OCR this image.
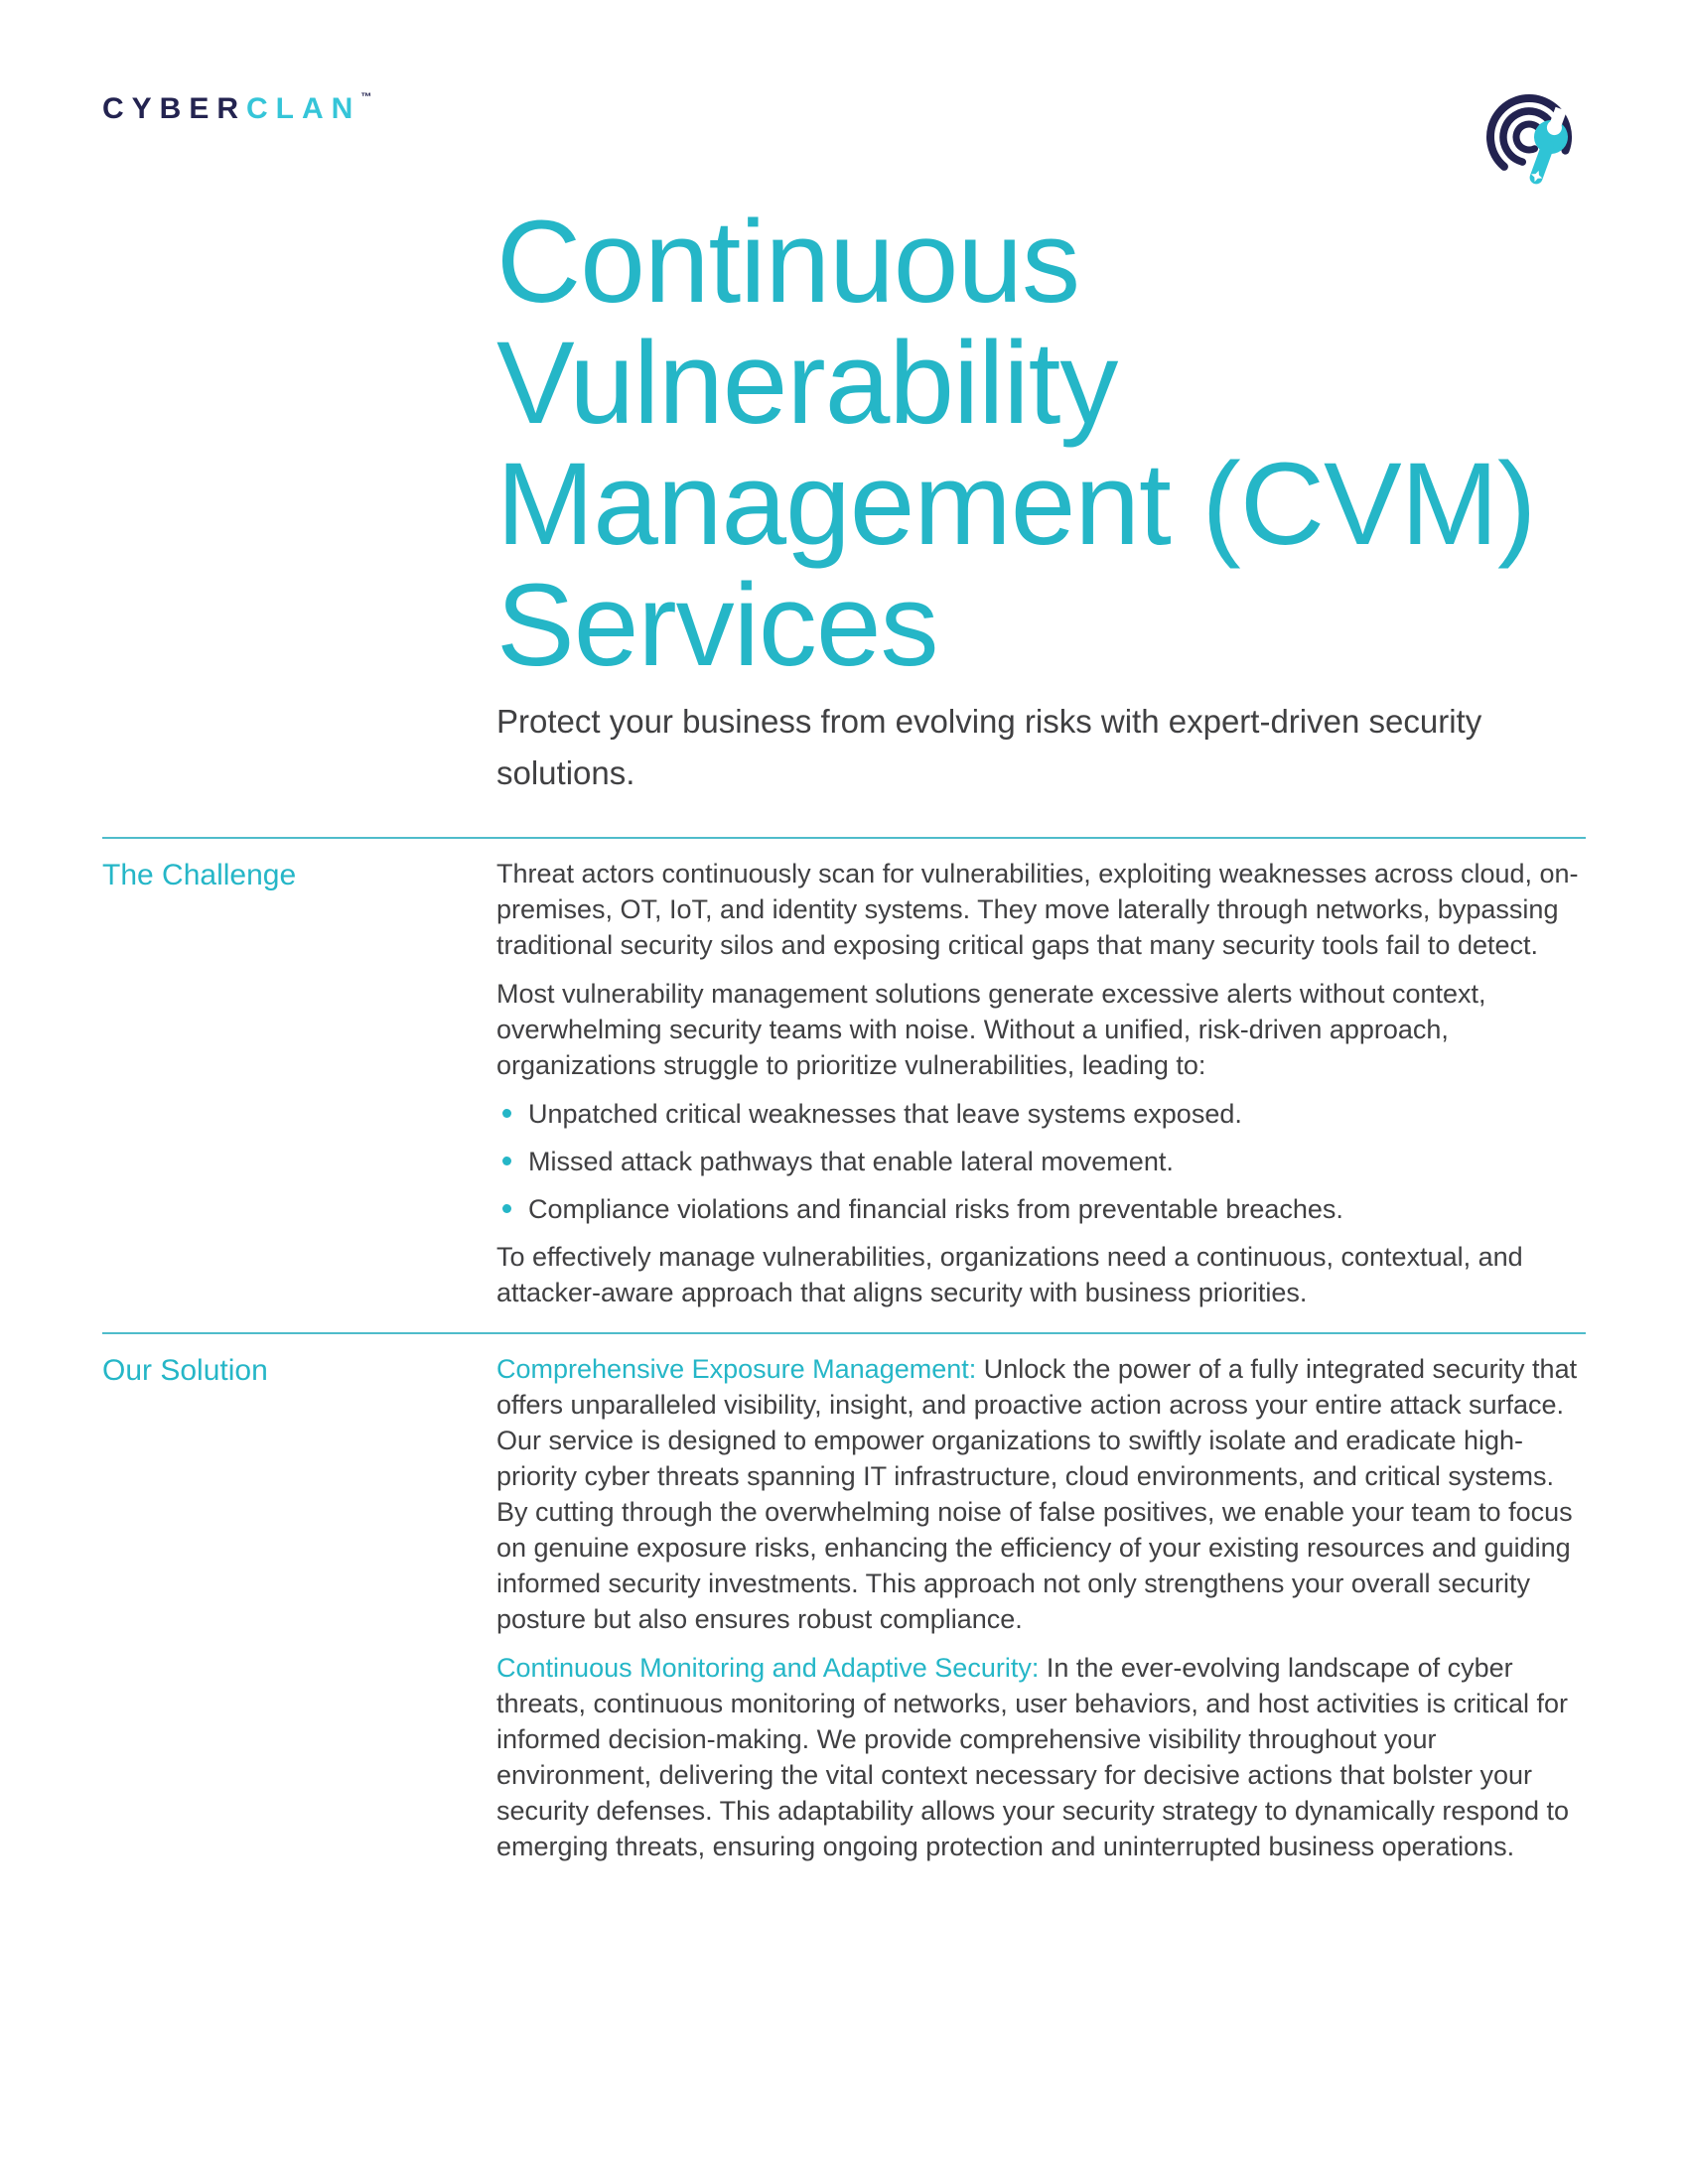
CYBERCLAN™
Continuous
Vulnerability
Management (CVM)
Services
Protect your business from evolving risks with expert-driven security solutions.
The Challenge	Threat actors continuously scan for vulnerabilities, exploiting weaknesses across cloud, on-premises, OT, IoT, and identity systems. They move laterally through networks, bypassing traditional security silos and exposing critical gaps that many security tools fail to detect.

Most vulnerability management solutions generate excessive alerts without context, overwhelming security teams with noise. Without a unified, risk-driven approach, organizations struggle to prioritize vulnerabilities, leading to:

Unpatched critical weaknesses that leave systems exposed.
Missed attack pathways that enable lateral movement.
Compliance violations and financial risks from preventable breaches.

To effectively manage vulnerabilities, organizations need a continuous, contextual, and attacker-aware approach that aligns security with business priorities.

Our Solution	Comprehensive Exposure Management: Unlock the power of a fully integrated security that offers unparalleled visibility, insight, and proactive action across your entire attack surface. Our service is designed to empower organizations to swiftly isolate and eradicate high-priority cyber threats spanning IT infrastructure, cloud environments, and critical systems. By cutting through the overwhelming noise of false positives, we enable your team to focus on genuine exposure risks, enhancing the efficiency of your existing resources and guiding informed security investments. This approach not only strengthens your overall security posture but also ensures robust compliance.

Continuous Monitoring and Adaptive Security: In the ever-evolving landscape of cyber threats, continuous monitoring of networks, user behaviors, and host activities is critical for informed decision-making. We provide comprehensive visibility throughout your environment, delivering the vital context necessary for decisive actions that bolster your security defenses. This adaptability allows your security strategy to dynamically respond to emerging threats, ensuring ongoing protection and uninterrupted business operations.
